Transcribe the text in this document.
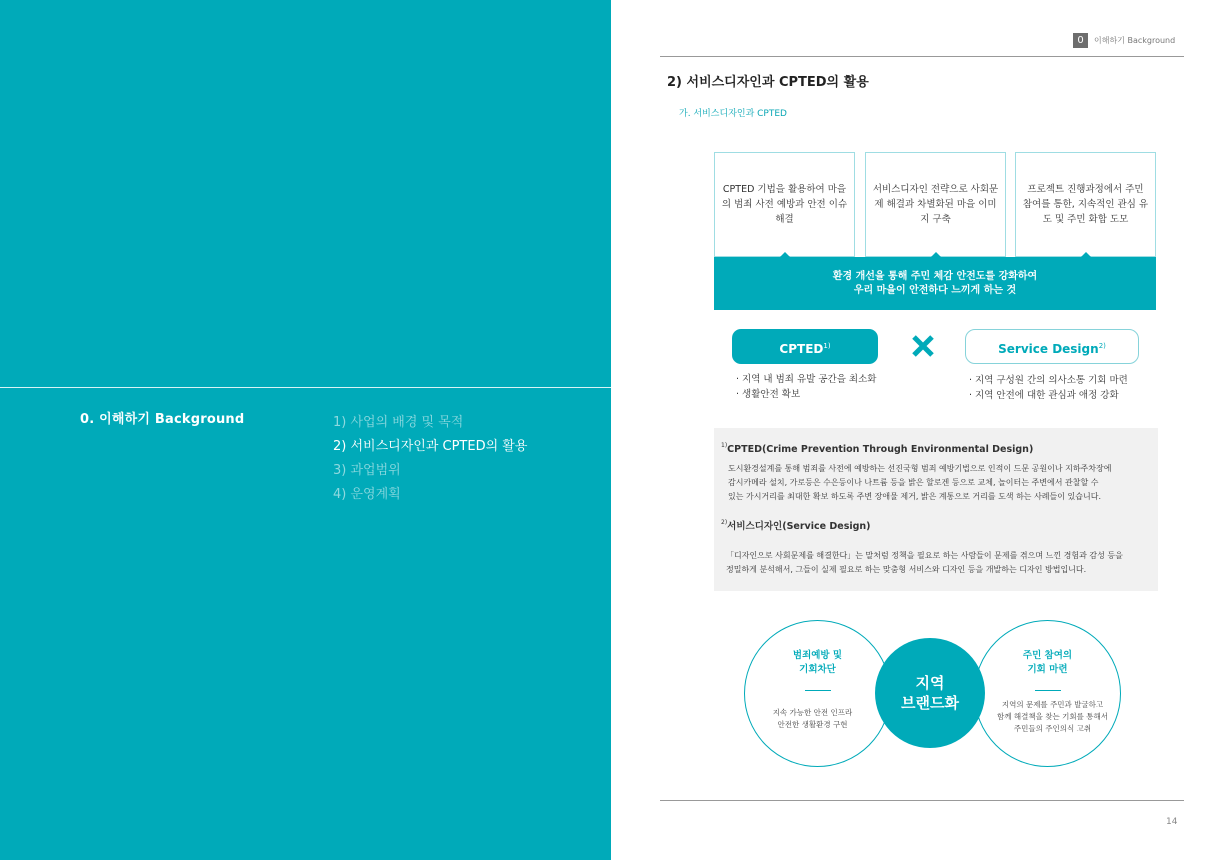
0. 이해하기 Background	1) 사업의 배경 및 목적
2) 서비스디자인과 CPTED의 활용
3) 과업범위
4) 운영계획
0	이해하기 Background
2) 서비스디자인과 CPTED의 활용
가. 서비스디자인과 CPTED
CPTED 기법을 활용하여 마을의 범죄 사전 예방과 안전 이슈 해결
서비스디자인 전략으로 사회문제 해결과 차별화된 마을 이미지 구축
프로젝트 진행과정에서 주민 참여를 통한, 지속적인 관심 유도 및 주민 화합 도모
환경 개선을 통해 주민 체감 안전도를 강화하여
우리 마을이 안전하다 느끼게 하는 것
CPTED$^{1)}$	Service Design$^{2)}$
· 지역 내 범죄 유발 공간을 최소화
· 생활안전 확보
· 지역 구성원 간의 의사소통 기회 마련
· 지역 안전에 대한 관심과 애정 강화
$^{1)}$CPTED(Crime Prevention Through Environmental Design)
도시환경설계를 통해 범죄를 사전에 예방하는 선진국형 범죄 예방기법으로 인적이 드문 공원이나 지하주차장에
감시카메라 설치, 가로등은 수은등이나 나트륨 등을 밝은 할로겐 등으로 교체, 놀이터는 주변에서 관찰할 수
있는 가시거리를 최대한 확보 하도록 주변 장애물 제거, 밝은 계통으로 거리를 도색 하는 사례들이 있습니다.
$^{2)}$서비스디자인(Service Design)
「디자인으로 사회문제를 해결한다」는 말처럼 정책을 필요로 하는 사람들이 문제를 겪으며 느낀 경험과 감성 등을
정밀하게 분석해서, 그들이 실제 필요로 하는 맞춤형 서비스와 디자인 등을 개발하는 디자인 방법입니다.
범죄예방 및
기회차단
지속 가능한 안전 인프라
안전한 생활환경 구현
주민 참여의
기회 마련
지역의 문제를 주민과 발굴하고
함께 해결책을 찾는 기회를 통해서
주민들의 주인의식 고취
지역
브랜드화
14
